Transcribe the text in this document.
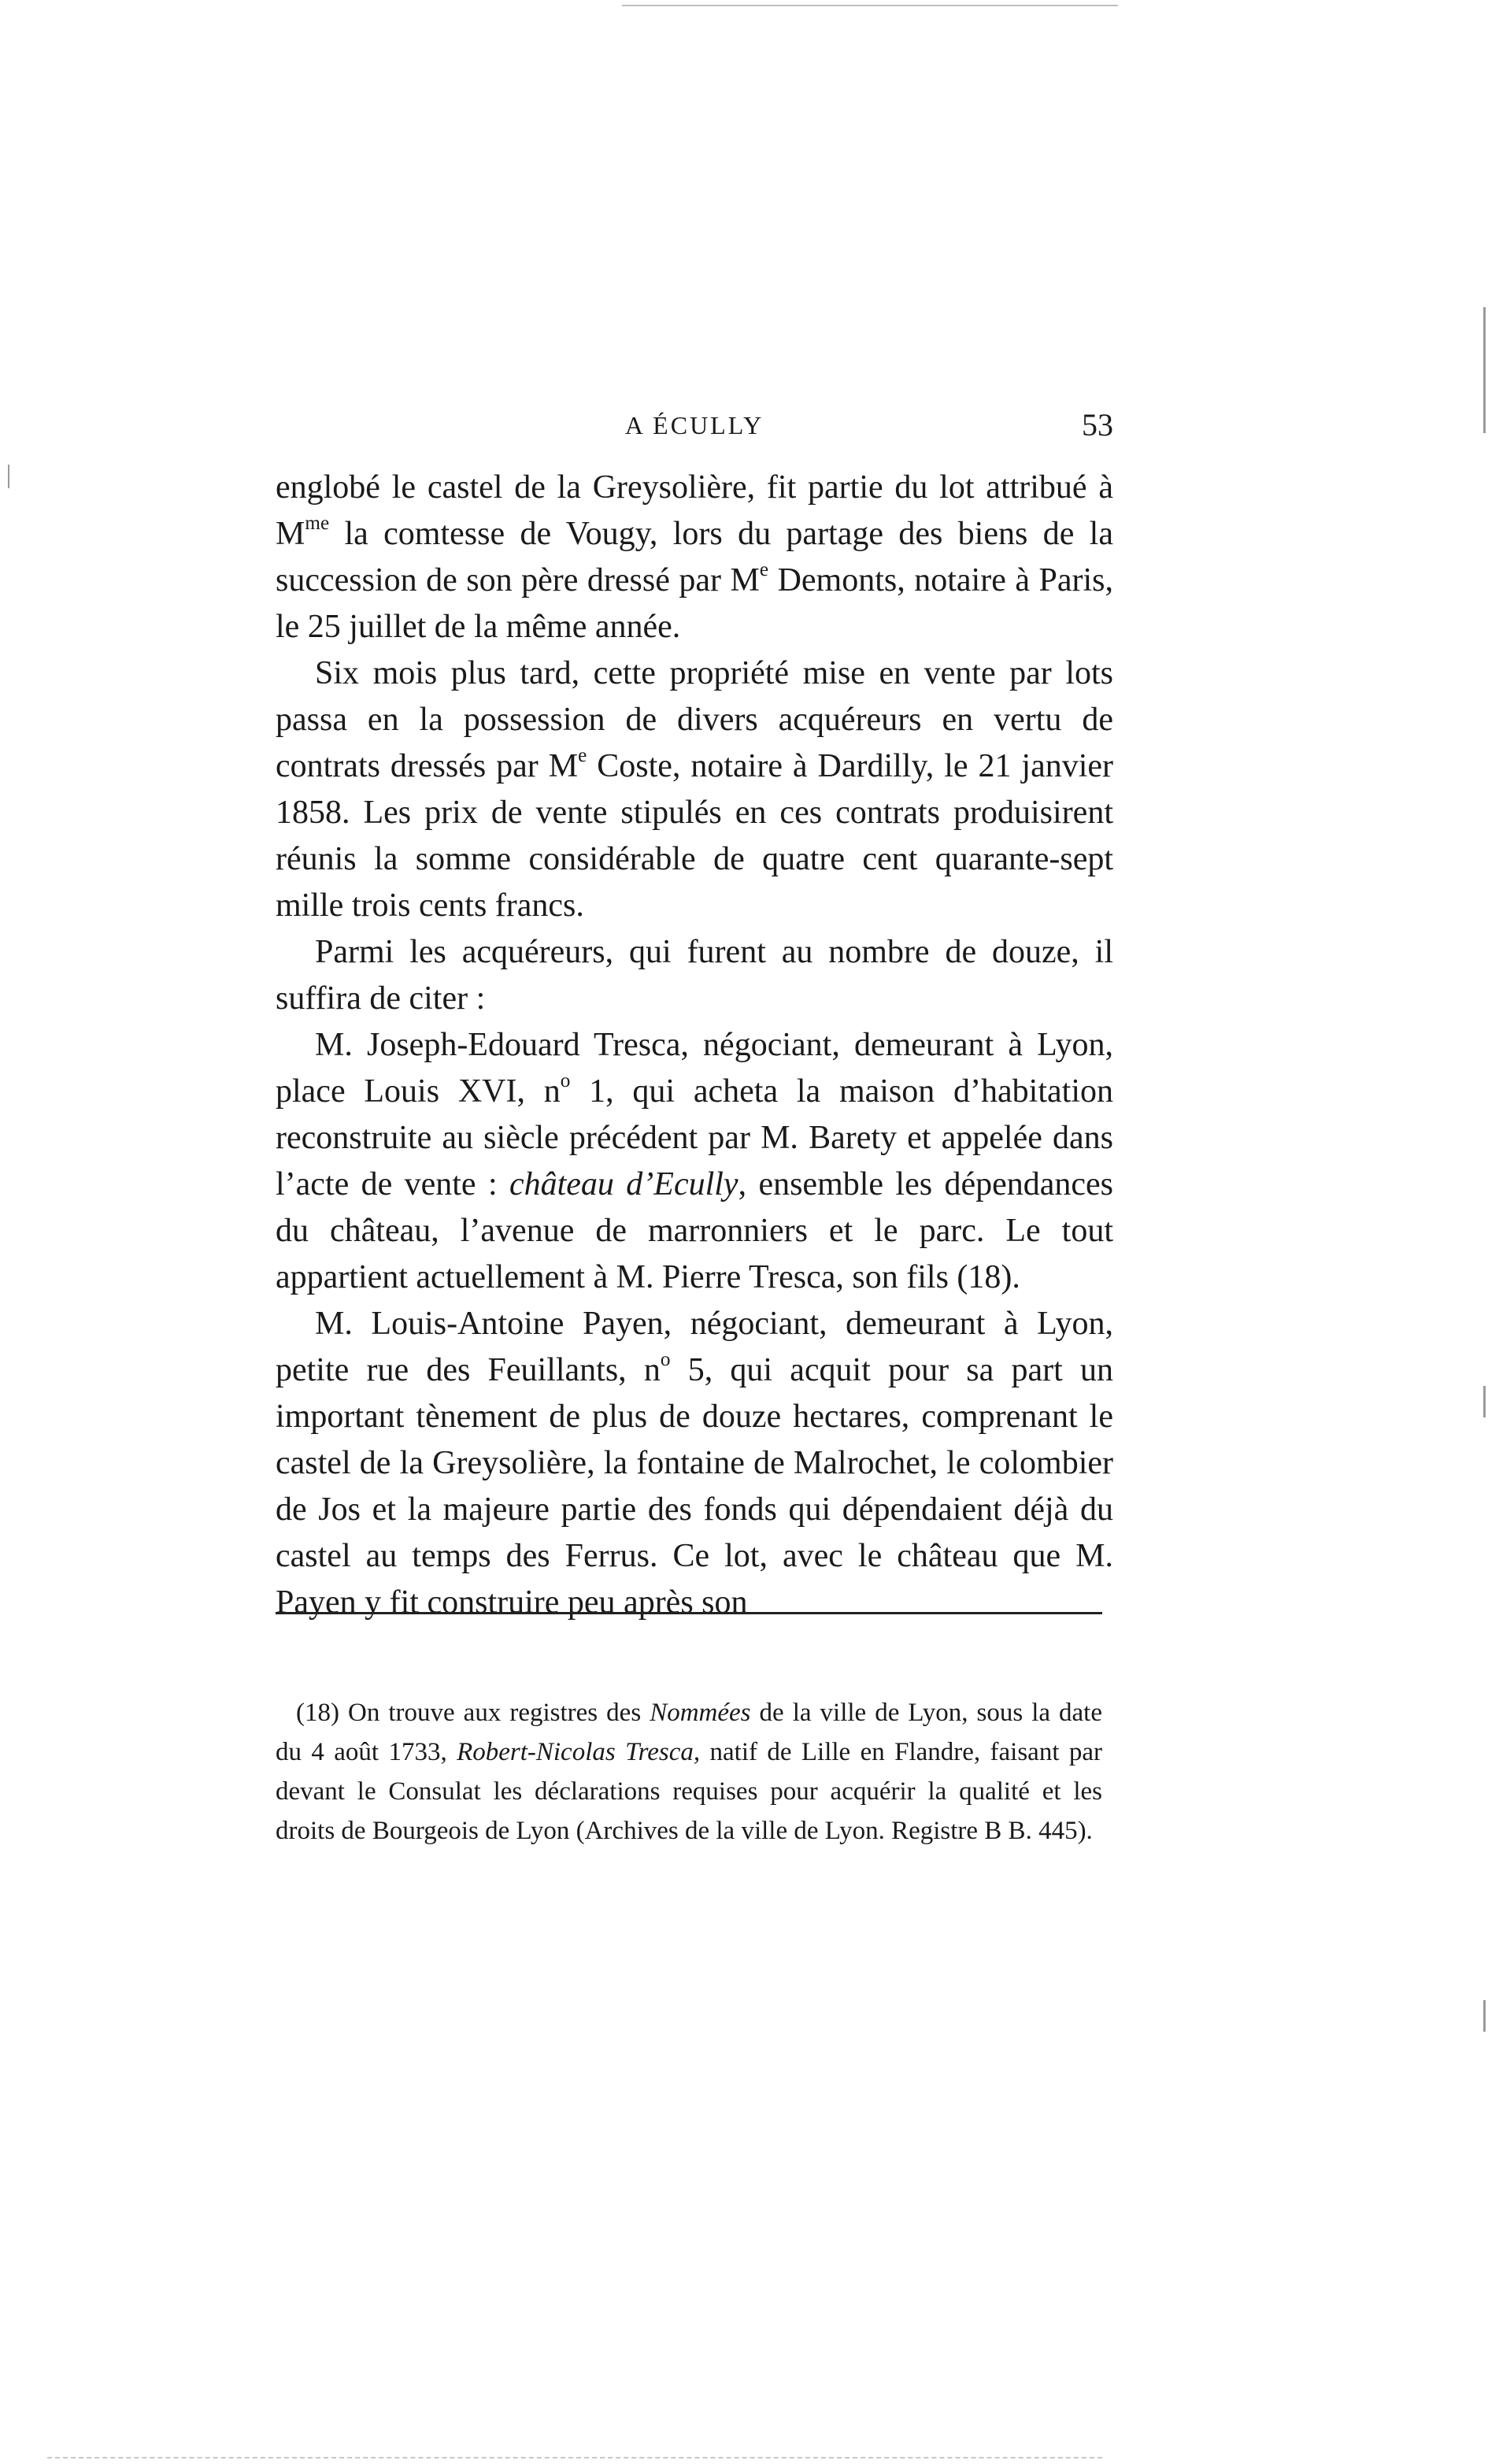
A ÉCULLY	53

englobé le castel de la Greysolière, fit partie du lot attribué à $M^{me}$ la comtesse de Vougy, lors du partage des biens de la succession de son père dressé par Me Demonts, notaire à Paris, le 25 juillet de la même année.

Six mois plus tard, cette propriété mise en vente par lots passa en la possession de divers acquéreurs en vertu de contrats dressés par Me Coste, notaire à Dardilly, le 21 janvier 1858. Les prix de vente stipulés en ces contrats produisirent réunis la somme considérable de quatre cent quarante-sept mille trois cents francs.

Parmi les acquéreurs, qui furent au nombre de douze, il suffira de citer :

M. Joseph-Edouard Tresca, négociant, demeurant à Lyon, place Louis XVI, $n^o$ 1, qui acheta la maison d’habitation reconstruite au siècle précédent par M. Barety et appelée dans l’acte de vente : château d’Ecully, ensemble les dépendances du château, l’avenue de marronniers et le parc. Le tout appartient actuellement à M. Pierre Tresca, son fils (18).

M. Louis-Antoine Payen, négociant, demeurant à Lyon, petite rue des Feuillants, $n^o$ 5, qui acquit pour sa part un important tènement de plus de douze hectares, comprenant le castel de la Greysolière, la fontaine de Malrochet, le colombier de Jos et la majeure partie des fonds qui dépendaient déjà du castel au temps des Ferrus. Ce lot, avec le château que M. Payen y fit construire peu après son

(18) On trouve aux registres des Nommées de la ville de Lyon, sous la date du 4 août 1733, Robert-Nicolas Tresca, natif de Lille en Flandre, faisant par devant le Consulat les déclarations requises pour acquérir la qualité et les droits de Bourgeois de Lyon (Archives de la ville de Lyon. Registre B B. 445).
